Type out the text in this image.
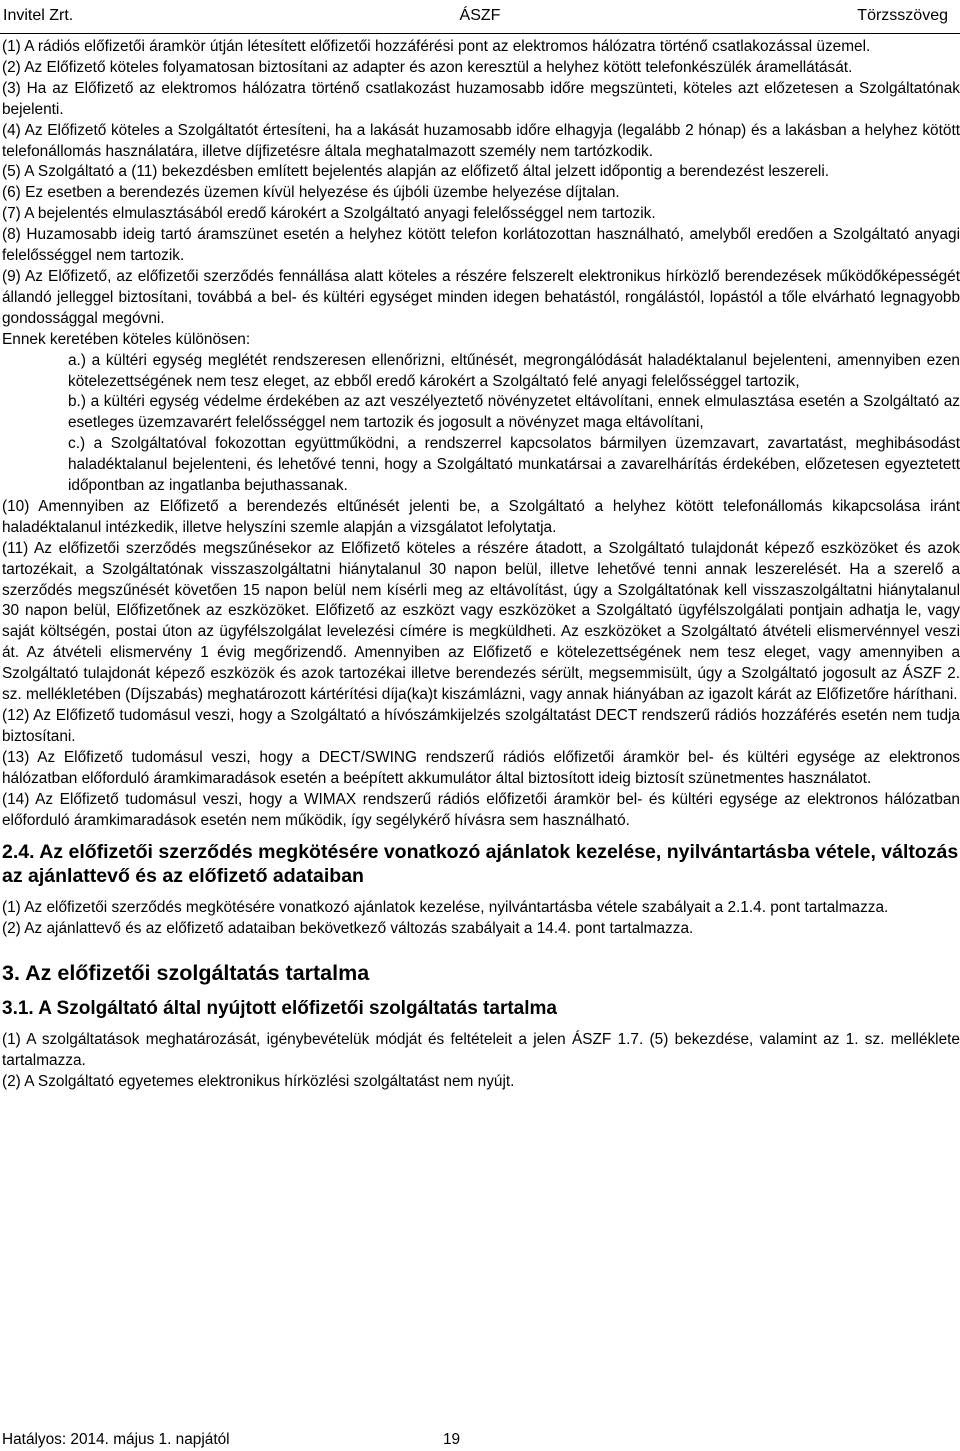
Invitel Zrt.	ÁSZF	Törzsszöveg

(1) A rádiós előfizetői áramkör útján létesített előfizetői hozzáférési pont az elektromos hálózatra történő csatlakozással üzemel.

(2) Az Előfizető köteles folyamatosan biztosítani az adapter és azon keresztül a helyhez kötött telefonkészülék áramellátását.

(3) Ha az Előfizető az elektromos hálózatra történő csatlakozást huzamosabb időre megszünteti, köteles azt előzetesen a Szolgáltatónak bejelenti.

(4) Az Előfizető köteles a Szolgáltatót értesíteni, ha a lakását huzamosabb időre elhagyja (legalább 2 hónap) és a lakásban a helyhez kötött telefonállomás használatára, illetve díjfizetésre általa meghatalmazott személy nem tartózkodik.

(5) A Szolgáltató a (11) bekezdésben említett bejelentés alapján az előfizető által jelzett időpontig a berendezést leszereli.

(6) Ez esetben a berendezés üzemen kívül helyezése és újbóli üzembe helyezése díjtalan.

(7) A bejelentés elmulasztásából eredő károkért a Szolgáltató anyagi felelősséggel nem tartozik.

(8) Huzamosabb ideig tartó áramszünet esetén a helyhez kötött telefon korlátozottan használható, amelyből eredően a Szolgáltató anyagi felelősséggel nem tartozik.

(9) Az Előfizető, az előfizetői szerződés fennállása alatt köteles a részére felszerelt elektronikus hírközlő berendezések működőképességét állandó jelleggel biztosítani, továbbá a bel- és kültéri egységet minden idegen behatástól, rongálástól, lopástól a tőle elvárható legnagyobb gondossággal megóvni.

Ennek keretében köteles különösen:

a.) a kültéri egység meglétét rendszeresen ellenőrizni, eltűnését, megrongálódását haladéktalanul bejelenteni, amennyiben ezen kötelezettségének nem tesz eleget, az ebből eredő károkért a Szolgáltató felé anyagi felelősséggel tartozik,

b.) a kültéri egység védelme érdekében az azt veszélyeztető növényzetet eltávolítani, ennek elmulasztása esetén a Szolgáltató az esetleges üzemzavarért felelősséggel nem tartozik és jogosult a növényzet maga eltávolítani,

c.) a Szolgáltatóval fokozottan együttműködni, a rendszerrel kapcsolatos bármilyen üzemzavart, zavartatást, meghibásodást haladéktalanul bejelenteni, és lehetővé tenni, hogy a Szolgáltató munkatársai a zavarelhárítás érdekében, előzetesen egyeztetett időpontban az ingatlanba bejuthassanak.

(10) Amennyiben az Előfizető a berendezés eltűnését jelenti be, a Szolgáltató a helyhez kötött telefonállomás kikapcsolása iránt haladéktalanul intézkedik, illetve helyszíni szemle alapján a vizsgálatot lefolytatja.

(11) Az előfizetői szerződés megszűnésekor az Előfizető köteles a részére átadott, a Szolgáltató tulajdonát képező eszközöket és azok tartozékait, a Szolgáltatónak visszaszolgáltatni hiánytalanul 30 napon belül, illetve lehetővé tenni annak leszerelését. Ha a szerelő a szerződés megszűnését követően 15 napon belül nem kísérli meg az eltávolítást, úgy a Szolgáltatónak kell visszaszolgáltatni hiánytalanul 30 napon belül, Előfizetőnek az eszközöket. Előfizető az eszközt vagy eszközöket a Szolgáltató ügyfélszolgálati pontjain adhatja le, vagy saját költségén, postai úton az ügyfélszolgálat levelezési címére is megküldheti. Az eszközöket a Szolgáltató átvételi elismervénnyel veszi át. Az átvételi elismervény 1 évig megőrizendő. Amennyiben az Előfizető e kötelezettségének nem tesz eleget, vagy amennyiben a Szolgáltató tulajdonát képező eszközök és azok tartozékai illetve berendezés sérült, megsemmisült, úgy a Szolgáltató jogosult az ÁSZF 2. sz. mellékletében (Díjszabás) meghatározott kártérítési díja(ka)t kiszámlázni, vagy annak hiányában az igazolt kárát az Előfizetőre háríthani.

(12) Az Előfizető tudomásul veszi, hogy a Szolgáltató a hívószámkijelzés szolgáltatást DECT rendszerű rádiós hozzáférés esetén nem tudja biztosítani.

(13) Az Előfizető tudomásul veszi, hogy a DECT/SWING rendszerű rádiós előfizetői áramkör bel- és kültéri egysége az elektronos hálózatban előforduló áramkimaradások esetén a beépített akkumulátor által biztosított ideig biztosít szünetmentes használatot.

(14) Az Előfizető tudomásul veszi, hogy a WIMAX rendszerű rádiós előfizetői áramkör bel- és kültéri egysége az elektronos hálózatban előforduló áramkimaradások esetén nem működik, így segélykérő hívásra sem használható.

2.4. Az előfizetői szerződés megkötésére vonatkozó ajánlatok kezelése, nyilvántartásba vétele, változás az ajánlattevő és az előfizető adataiban

(1) Az előfizetői szerződés megkötésére vonatkozó ajánlatok kezelése, nyilvántartásba vétele szabályait a 2.1.4. pont tartalmazza.

(2) Az ajánlattevő és az előfizető adataiban bekövetkező változás szabályait a 14.4. pont tartalmazza.

3. Az előfizetői szolgáltatás tartalma
3.1. A Szolgáltató által nyújtott előfizetői szolgáltatás tartalma

(1) A szolgáltatások meghatározását, igénybevételük módját és feltételeit a jelen ÁSZF 1.7. (5) bekezdése, valamint az 1. sz. melléklete tartalmazza.

(2) A Szolgáltató egyetemes elektronikus hírközlési szolgáltatást nem nyújt.

Hatályos: 2014. május 1. napjától	19
